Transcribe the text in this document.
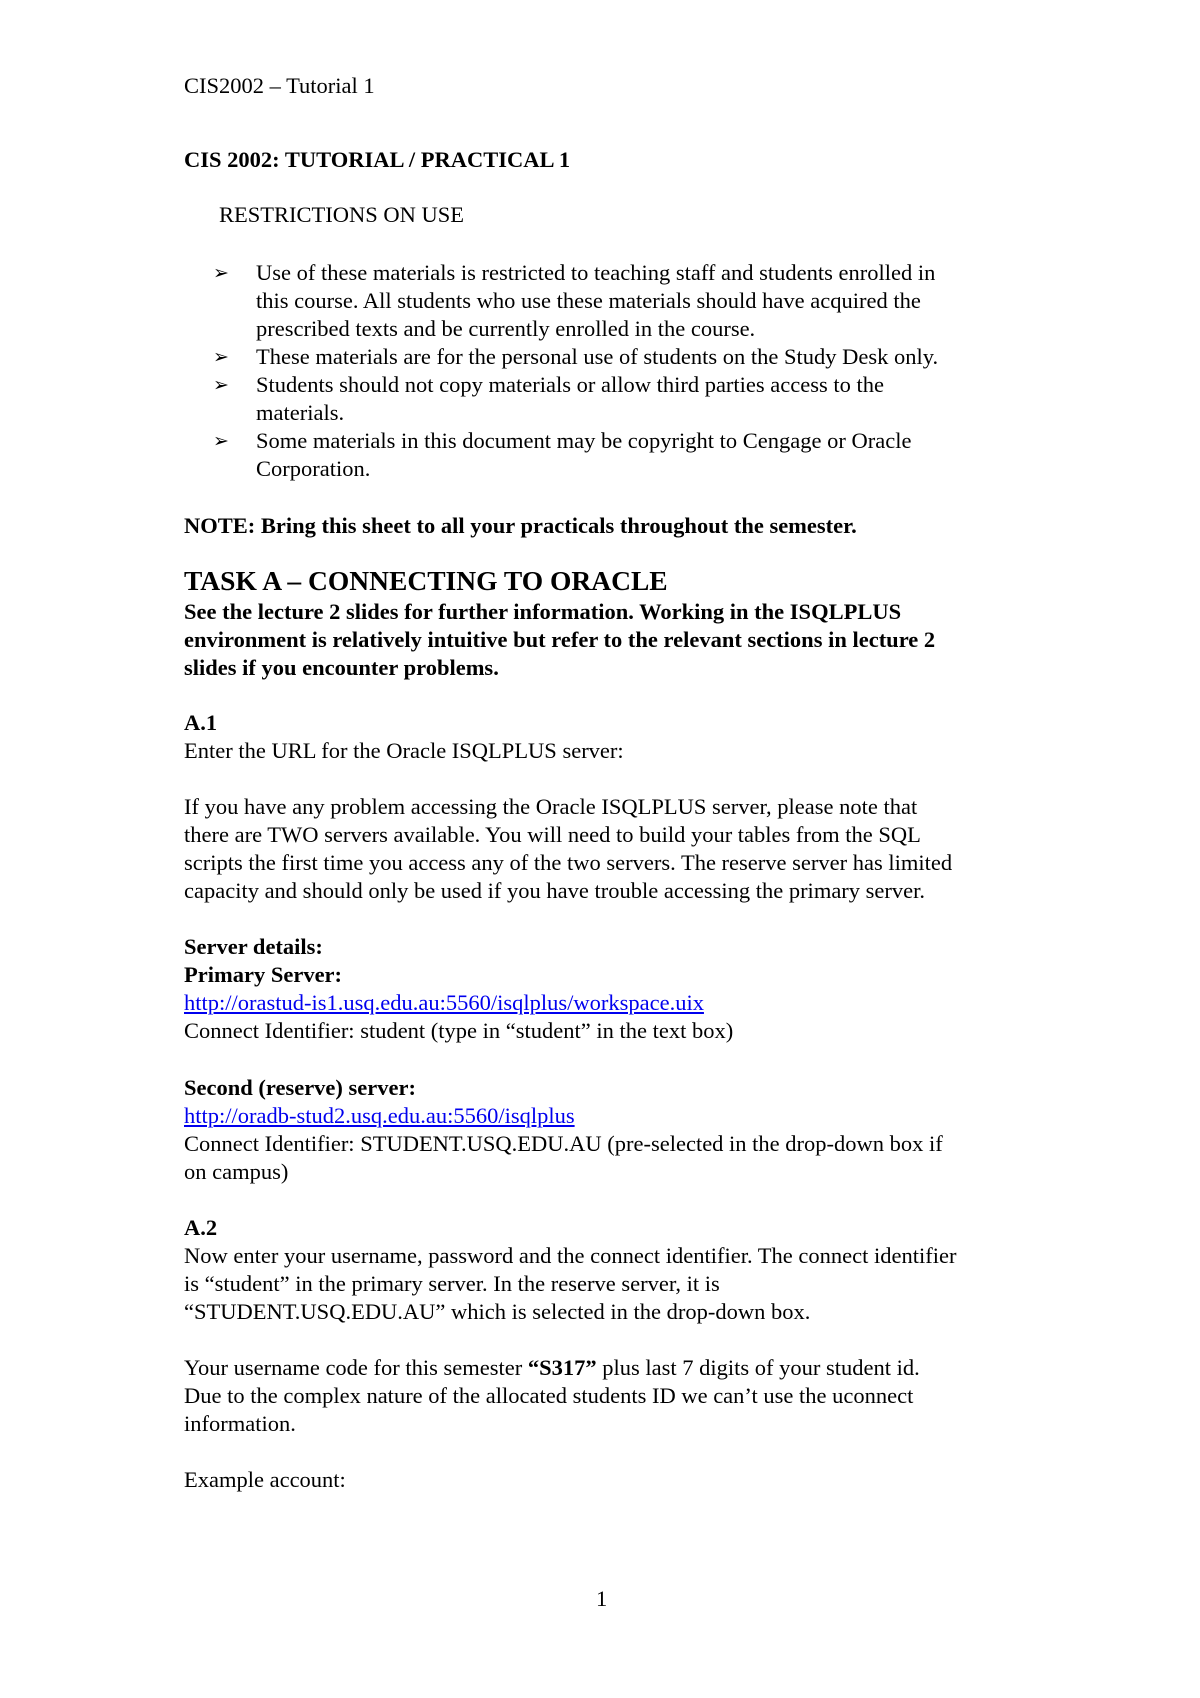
CIS2002 – Tutorial 1
CIS 2002: TUTORIAL / PRACTICAL 1
RESTRICTIONS ON USE
➢ Use of these materials is restricted to teaching staff and students enrolled in
this course. All students who use these materials should have acquired the
prescribed texts and be currently enrolled in the course.
➢ These materials are for the personal use of students on the Study Desk only.
➢ Students should not copy materials or allow third parties access to the
materials.
➢ Some materials in this document may be copyright to Cengage or Oracle
Corporation.
NOTE: Bring this sheet to all your practicals throughout the semester.
TASK A – CONNECTING TO ORACLE
See the lecture 2 slides for further information. Working in the ISQLPLUS
environment is relatively intuitive but refer to the relevant sections in lecture 2
slides if you encounter problems.
A.1
Enter the URL for the Oracle ISQLPLUS server:
If you have any problem accessing the Oracle ISQLPLUS server, please note that
there are TWO servers available. You will need to build your tables from the SQL
scripts the first time you access any of the two servers. The reserve server has limited
capacity and should only be used if you have trouble accessing the primary server.
Server details:
Primary Server:
http://orastud-is1.usq.edu.au:5560/isqlplus/workspace.uix
Connect Identifier: student (type in “student” in the text box)
Second (reserve) server:
http://oradb-stud2.usq.edu.au:5560/isqlplus
Connect Identifier: STUDENT.USQ.EDU.AU (pre-selected in the drop-down box if
on campus)
A.2
Now enter your username, password and the connect identifier. The connect identifier
is “student” in the primary server. In the reserve server, it is
“STUDENT.USQ.EDU.AU” which is selected in the drop-down box.
Your username code for this semester “S317” plus last 7 digits of your student id.
Due to the complex nature of the allocated students ID we can’t use the uconnect
information.
Example account:
1
